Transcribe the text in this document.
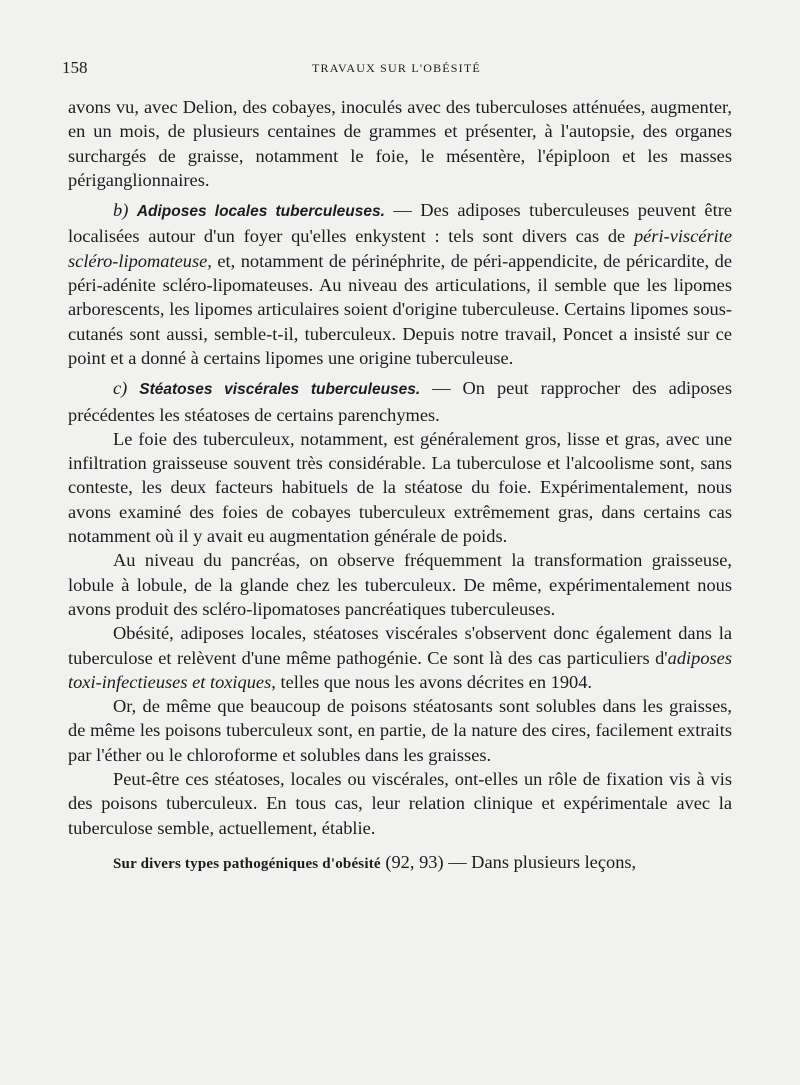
158	TRAVAUX SUR L'OBÉSITÉ

avons vu, avec Delion, des cobayes, inoculés avec des tuberculoses atténuées, augmenter, en un mois, de plusieurs centaines de grammes et présenter, à l'autopsie, des organes surchargés de graisse, notamment le foie, le mésentère, l'épiploon et les masses périganglionnaires.

b) Adiposes locales tuberculeuses. — Des adiposes tuberculeuses peuvent être localisées autour d'un foyer qu'elles enkystent : tels sont divers cas de péri-viscérite scléro-lipomateuse, et, notamment de périnéphrite, de péri-appendicite, de péricardite, de péri-adénite scléro-lipomateuses. Au niveau des articulations, il semble que les lipomes arborescents, les lipomes articulaires soient d'origine tuberculeuse. Certains lipomes sous-cutanés sont aussi, semble-t-il, tuberculeux. Depuis notre travail, Poncet a insisté sur ce point et a donné à certains lipomes une origine tuberculeuse.

c) Stéatoses viscérales tuberculeuses. — On peut rapprocher des adiposes précédentes les stéatoses de certains parenchymes.

Le foie des tuberculeux, notamment, est généralement gros, lisse et gras, avec une infiltration graisseuse souvent très considérable. La tuberculose et l'alcoolisme sont, sans conteste, les deux facteurs habituels de la stéatose du foie. Expérimentalement, nous avons examiné des foies de cobayes tuberculeux extrêmement gras, dans certains cas notamment où il y avait eu augmentation générale de poids.

Au niveau du pancréas, on observe fréquemment la transformation graisseuse, lobule à lobule, de la glande chez les tuberculeux. De même, expérimentalement nous avons produit des scléro-lipomatoses pancréatiques tuberculeuses.

Obésité, adiposes locales, stéatoses viscérales s'observent donc également dans la tuberculose et relèvent d'une même pathogénie. Ce sont là des cas particuliers d'adiposes toxi-infectieuses et toxiques, telles que nous les avons décrites en 1904.

Or, de même que beaucoup de poisons stéatosants sont solubles dans les graisses, de même les poisons tuberculeux sont, en partie, de la nature des cires, facilement extraits par l'éther ou le chloroforme et solubles dans les graisses.

Peut-être ces stéatoses, locales ou viscérales, ont-elles un rôle de fixation vis à vis des poisons tuberculeux. En tous cas, leur relation clinique et expérimentale avec la tuberculose semble, actuellement, établie.

Sur divers types pathogéniques d'obésité (92, 93) — Dans plusieurs leçons,
